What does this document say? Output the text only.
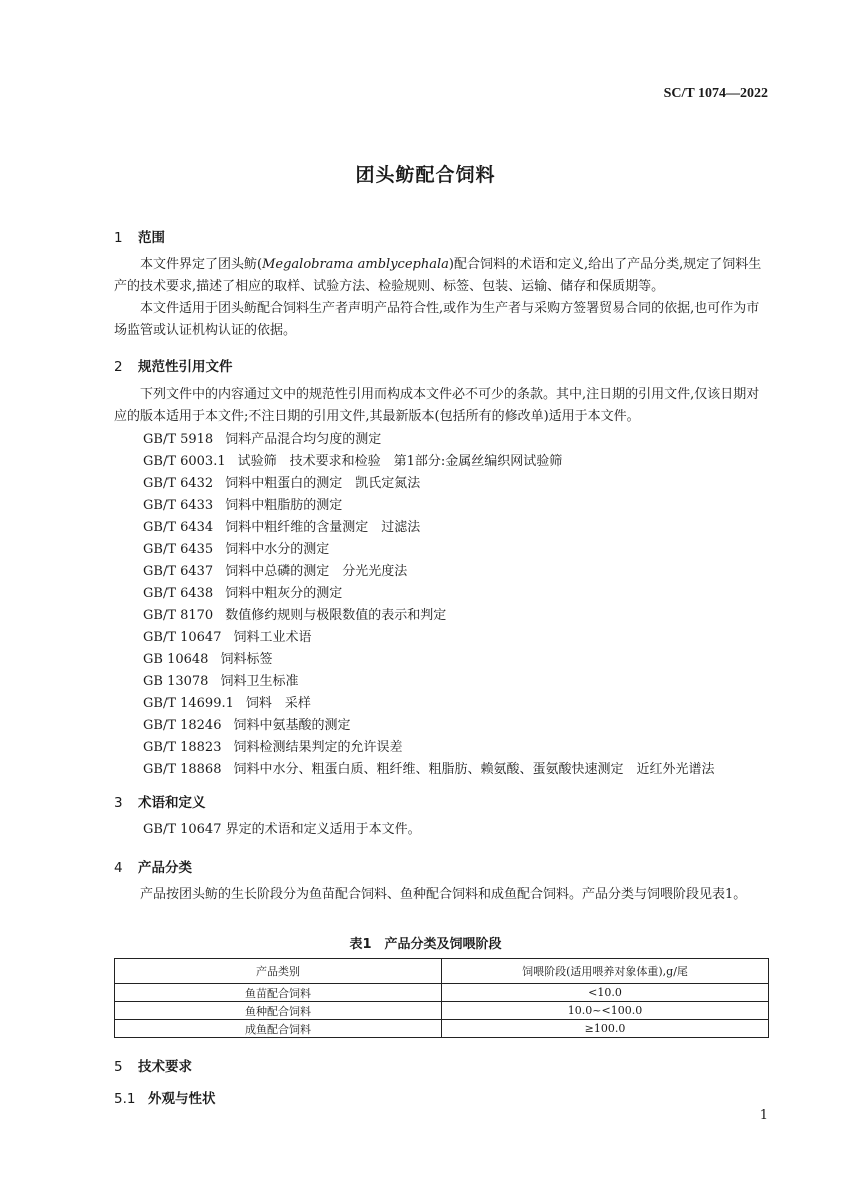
SC/T 1074—2022
团头鲂配合饲料
1 范围
本文件界定了团头鲂(Megalobrama amblycephala)配合饲料的术语和定义,给出了产品分类,规定了饲料生产的技术要求,描述了相应的取样、试验方法、检验规则、标签、包装、运输、储存和保质期等。
本文件适用于团头鲂配合饲料生产者声明产品符合性,或作为生产者与采购方签署贸易合同的依据,也可作为市场监管或认证机构认证的依据。
2 规范性引用文件
下列文件中的内容通过文中的规范性引用而构成本文件必不可少的条款。其中,注日期的引用文件,仅该日期对应的版本适用于本文件;不注日期的引用文件,其最新版本(包括所有的修改单)适用于本文件。
GB/T 5918 饲料产品混合均匀度的测定
GB/T 6003.1 试验筛　技术要求和检验　第1部分:金属丝编织网试验筛
GB/T 6432 饲料中粗蛋白的测定　凯氏定氮法
GB/T 6433 饲料中粗脂肪的测定
GB/T 6434 饲料中粗纤维的含量测定　过滤法
GB/T 6435 饲料中水分的测定
GB/T 6437 饲料中总磷的测定　分光光度法
GB/T 6438 饲料中粗灰分的测定
GB/T 8170 数值修约规则与极限数值的表示和判定
GB/T 10647 饲料工业术语
GB 10648 饲料标签
GB 13078 饲料卫生标准
GB/T 14699.1 饲料　采样
GB/T 18246 饲料中氨基酸的测定
GB/T 18823 饲料检测结果判定的允许误差
GB/T 18868 饲料中水分、粗蛋白质、粗纤维、粗脂肪、赖氨酸、蛋氨酸快速测定　近红外光谱法
3 术语和定义
GB/T 10647 界定的术语和定义适用于本文件。
4 产品分类
产品按团头鲂的生长阶段分为鱼苗配合饲料、鱼种配合饲料和成鱼配合饲料。产品分类与饲喂阶段见表1。
表1　产品分类及饲喂阶段
产品类别	饲喂阶段(适用喂养对象体重),g/尾
鱼苗配合饲料	<10.0
鱼种配合饲料	10.0~<100.0
成鱼配合饲料	≥100.0
5 技术要求
5.1 外观与性状
1
